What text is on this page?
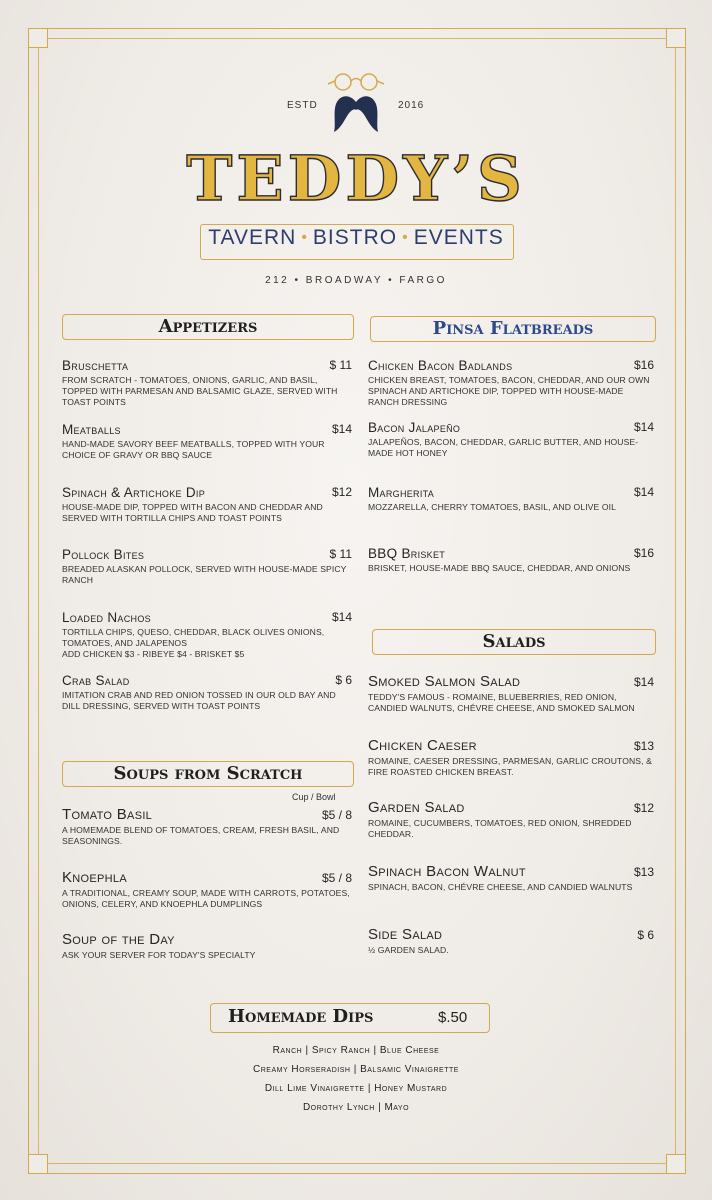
ESTD	2016
TEDDY’S
TAVERN • BISTRO • EVENTS
212 • BROADWAY • FARGO
Appetizers
Bruschetta	$ 11
FROM SCRATCH - TOMATOES, ONIONS, GARLIC, AND BASIL, TOPPED WITH PARMESAN AND BALSAMIC GLAZE, SERVED WITH TOAST POINTS
Meatballs	$14
HAND-MADE SAVORY BEEF MEATBALLS, TOPPED WITH YOUR CHOICE OF GRAVY OR BBQ SAUCE
Spinach & Artichoke Dip	$12
HOUSE-MADE DIP, TOPPED WITH BACON AND CHEDDAR AND SERVED WITH TORTILLA CHIPS AND TOAST POINTS
Pollock Bites	$ 11
BREADED ALASKAN POLLOCK, SERVED WITH HOUSE-MADE SPICY RANCH
Loaded Nachos	$14
TORTILLA CHIPS, QUESO, CHEDDAR, BLACK OLIVES ONIONS, TOMATOES, AND JALAPENOS
ADD CHICKEN $3 - RIBEYE $4 - BRISKET $5
Crab Salad	$ 6
IMITATION CRAB AND RED ONION TOSSED IN OUR OLD BAY AND DILL DRESSING, SERVED WITH TOAST POINTS
Soups from Scratch
Cup / Bowl
Tomato Basil	$5 / 8
A HOMEMADE BLEND OF TOMATOES, CREAM, FRESH BASIL, AND SEASONINGS.
Knoephla	$5 / 8
A TRADITIONAL, CREAMY SOUP, MADE WITH CARROTS, POTATOES, ONIONS, CELERY, AND KNOEPHLA DUMPLINGS
Soup of the Day
ASK YOUR SERVER FOR TODAY'S SPECIALTY
Pinsa Flatbreads
Chicken Bacon Badlands	$16
CHICKEN BREAST, TOMATOES, BACON, CHEDDAR, AND OUR OWN SPINACH AND ARTICHOKE DIP, TOPPED WITH HOUSE-MADE RANCH DRESSING
Bacon Jalapeño	$14
JALAPEÑOS, BACON, CHEDDAR, GARLIC BUTTER, AND HOUSE-MADE HOT HONEY
Margherita	$14
MOZZARELLA, CHERRY TOMATOES, BASIL, AND OLIVE OIL
BBQ Brisket	$16
BRISKET, HOUSE-MADE BBQ SAUCE, CHEDDAR, AND ONIONS
Salads
Smoked Salmon Salad	$14
TEDDY'S FAMOUS - ROMAINE, BLUEBERRIES, RED ONION, CANDIED WALNUTS, CHÉVRE CHEESE, AND SMOKED SALMON
Chicken Caeser	$13
ROMAINE, CAESER DRESSING, PARMESAN, GARLIC CROUTONS, & FIRE ROASTED CHICKEN BREAST.
Garden Salad	$12
ROMAINE, CUCUMBERS, TOMATOES, RED ONION, SHREDDED CHEDDAR.
Spinach Bacon Walnut	$13
SPINACH, BACON, CHÉVRE CHEESE, AND CANDIED WALNUTS
Side Salad	$ 6
½ GARDEN SALAD.
Homemade Dips	$.50
Ranch | Spicy Ranch | Blue Cheese
Creamy Horseradish | Balsamic Vinaigrette
Dill Lime Vinaigrette | Honey Mustard
Dorothy Lynch | Mayo
